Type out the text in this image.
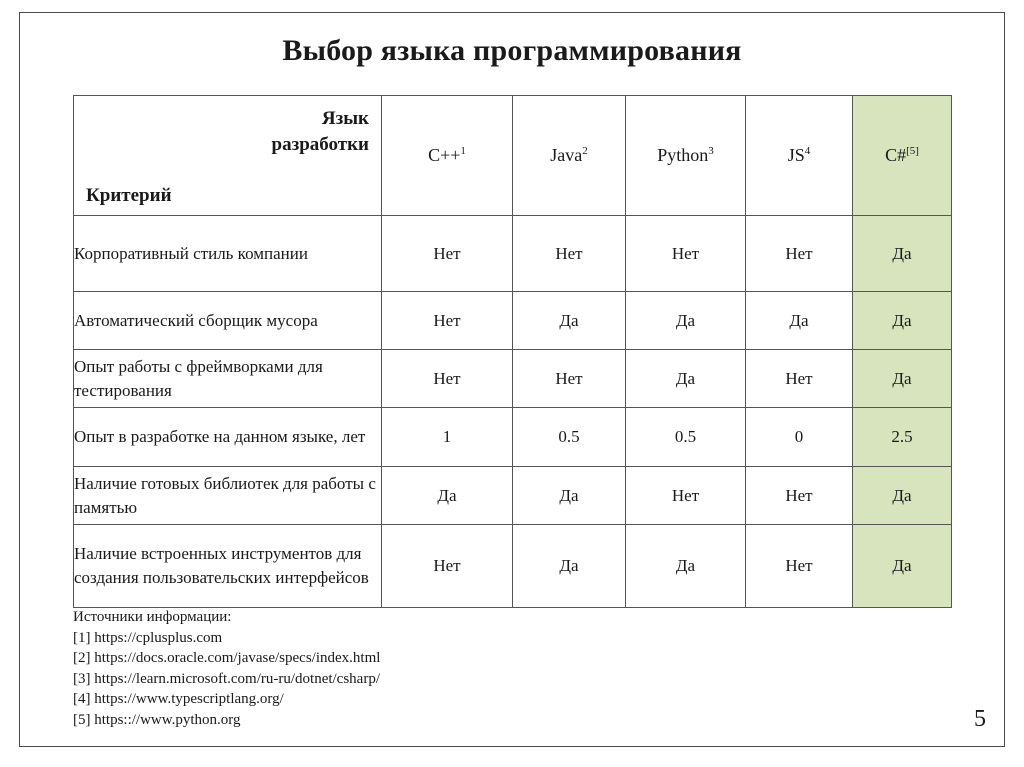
Выбор языка программирования
Язык
разработки
Критерий	C++$^1$	Java$^2$	Python$^3$	$JS^4$	C#[5]
Корпоративный стиль компании	Нет	Нет	Нет	Нет	Да
Автоматический сборщик мусора	Нет	Да	Да	Да	Да
Опыт работы с фреймворками для тестирования	Нет	Нет	Да	Нет	Да
Опыт в разработке на данном языке, лет	1	0.5	0.5	0	2.5
Наличие готовых библиотек для работы с памятью	Да	Да	Нет	Нет	Да
Наличие встроенных инструментов для создания пользовательских интерфейсов	Нет	Да	Да	Нет	Да
Источники информации:
[1] https://cplusplus.com
[2] https://docs.oracle.com/javase/specs/index.html
[3] https://learn.microsoft.com/ru-ru/dotnet/csharp/
[4] https://www.typescriptlang.org/
[5] https:://www.python.org	5
